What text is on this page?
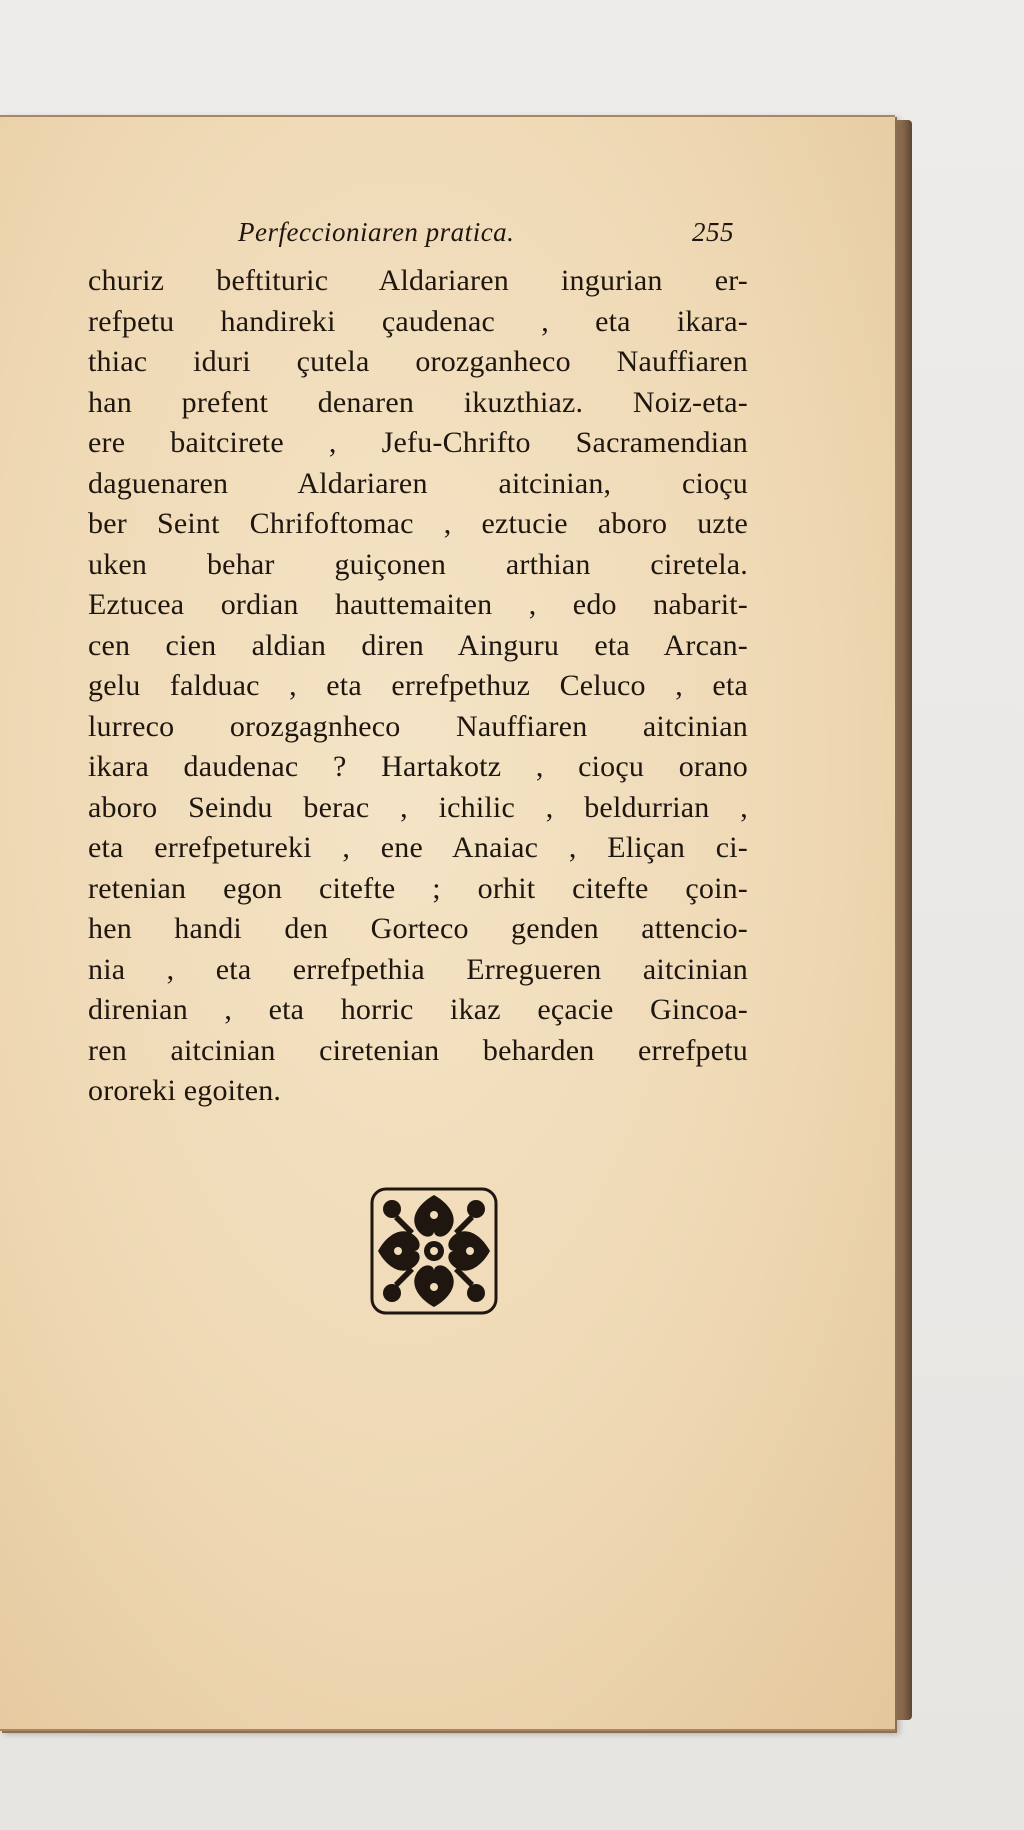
Perfeccioniaren pratica.	255
churiz beftituric Aldariaren ingurian er-
refpetu handireki çaudenac , eta ikara-
thiac iduri çutela orozganheco Nauffiaren
han prefent denaren ikuzthiaz. Noiz-eta-
ere baitcirete , Jefu-Chrifto Sacramendian
daguenaren Aldariaren aitcinian, cioçu
ber Seint Chrifoftomac , eztucie aboro uzte
uken behar guiçonen arthian ciretela.
Eztucea ordian hauttemaiten , edo nabarit-
cen cien aldian diren Ainguru eta Arcan-
gelu falduac , eta errefpethuz Celuco , eta
lurreco orozgagnheco Nauffiaren aitcinian
ikara daudenac ? Hartakotz , cioçu orano
aboro Seindu berac , ichilic , beldurrian ,
eta errefpetureki , ene Anaiac , Eliçan ci-
retenian egon citefte ; orhit citefte çoin-
hen handi den Gorteco genden attencio-
nia , eta errefpethia Erregueren aitcinian
direnian , eta horric ikaz eçacie Gincoa-
ren aitcinian ciretenian beharden errefpetu
ororeki egoiten.
